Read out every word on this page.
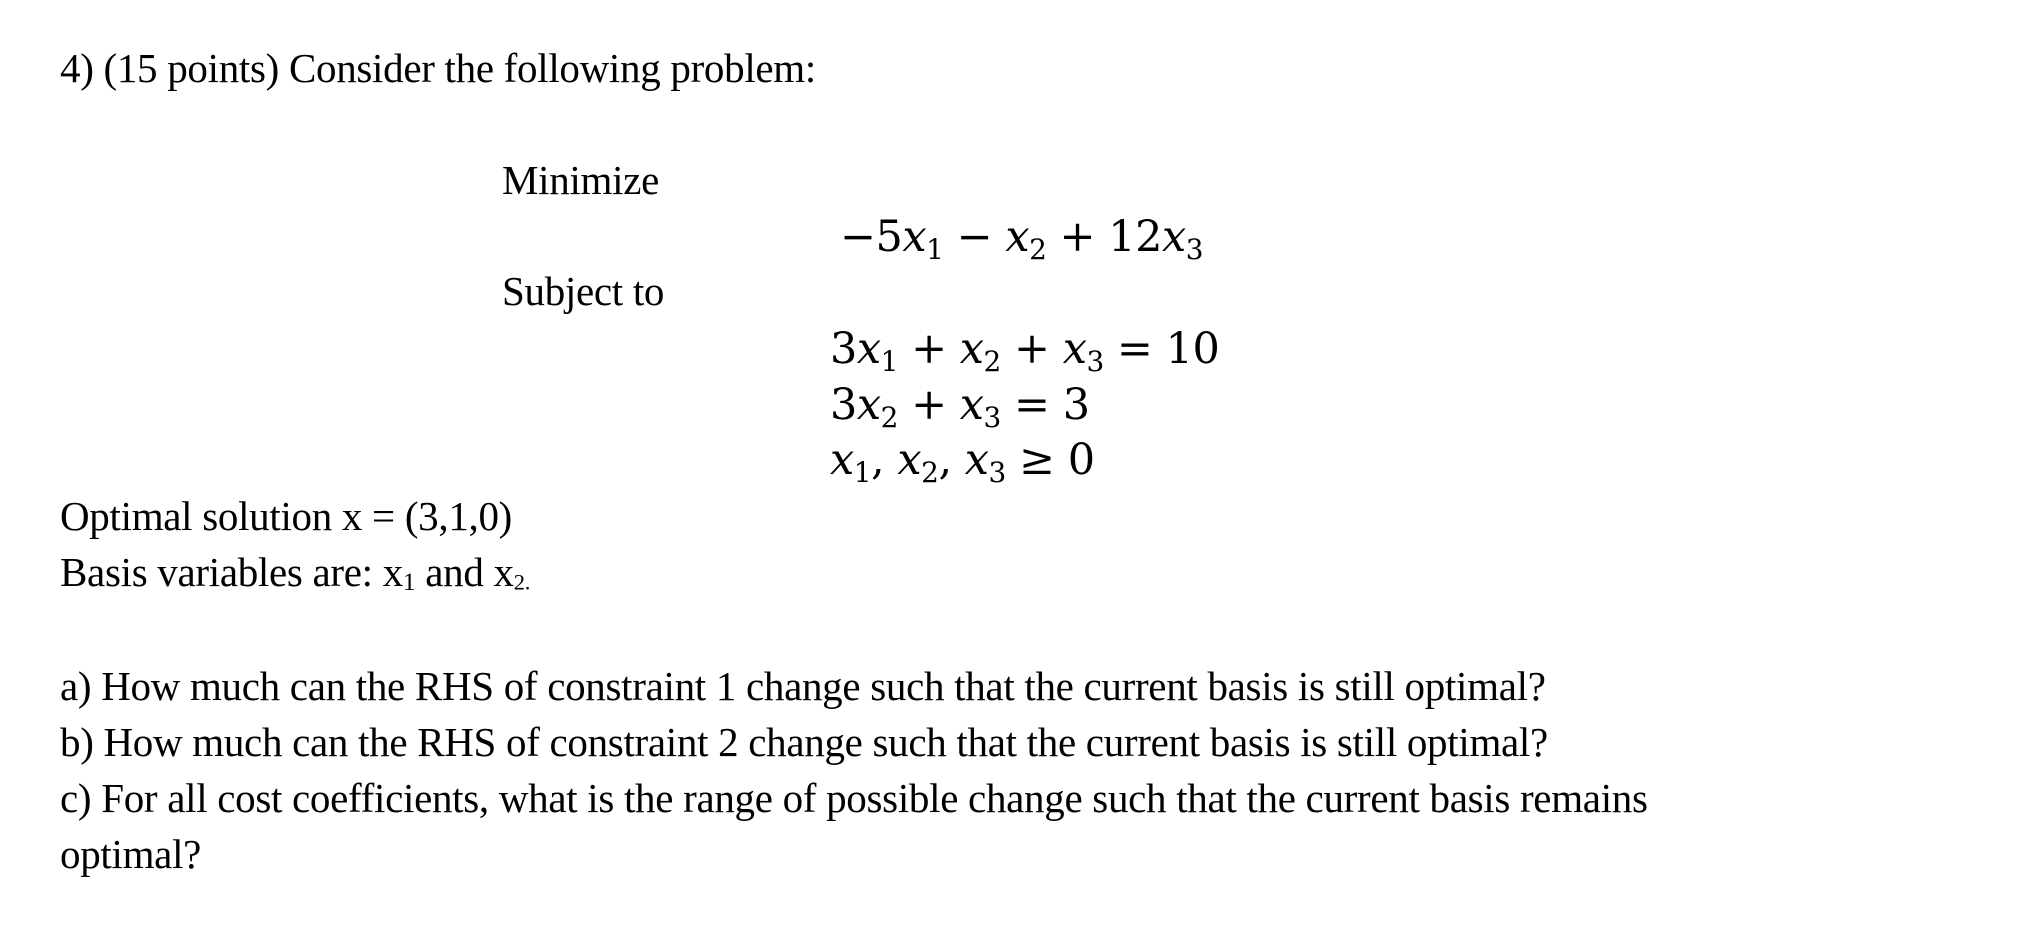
4) (15 points) Consider the following problem:
Minimize
$-5x_1 - x_2 + 12x_3$
Subject to
$3x_1 + x_2 + x_3 = 10$
$3x_2 + x_3 = 3$
$x_1$, $x_2$, $x_3 \ge 0$
Optimal solution x = (3,1,0)
Basis variables are: x1 and x2.
a) How much can the RHS of constraint 1 change such that the current basis is still optimal?
b) How much can the RHS of constraint 2 change such that the current basis is still optimal?
c) For all cost coefficients, what is the range of possible change such that the current basis remains
optimal?
